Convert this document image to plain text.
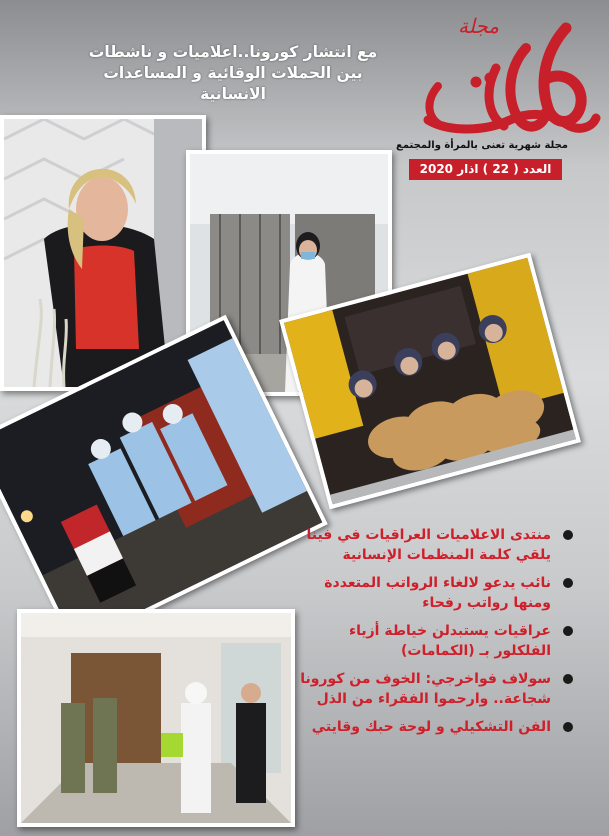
مجلة
مجلة شهرية تعنى بالمرأة والمجتمع
العدد ( 22 ) اذار 2020
مع انتشار كورونا..اعلاميات و ناشطات
بين الحملات الوقائية و المساعدات
الانسانية
منتدى الاعلاميات العراقيات في فينا يلقي كلمة المنظمات الإنسانية
نائب يدعو لالغاء الرواتب المتعددة ومنها رواتب رفحاء
عراقيات يستبدلن خياطة أزياء الفلكلور بـ (الكمامات)
سولاف فواخرجي: الخوف من كورونا شجاعة.. وارحموا الفقراء من الذل
الفن التشكيلي و لوحة حبك وقايتي
